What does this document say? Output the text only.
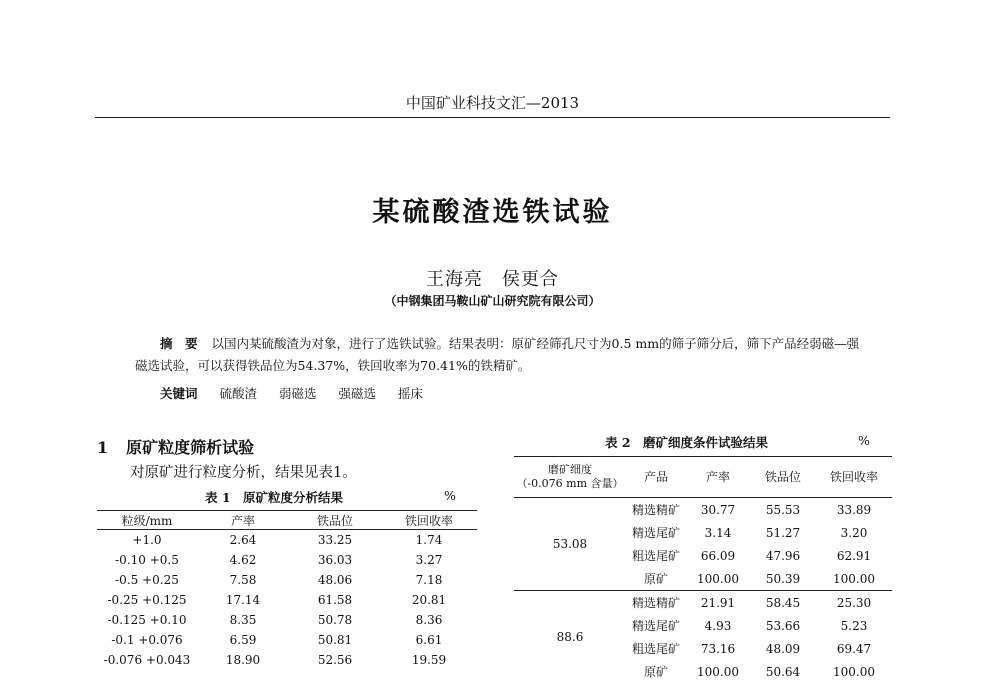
中国矿业科技文汇—2013
某硫酸渣选铁试验
王海亮　侯更合
（中钢集团马鞍山矿山研究院有限公司）
摘　要 以国内某硫酸渣为对象，进行了选铁试验。结果表明：原矿经筛孔尺寸为0.5 mm的筛子筛分后，筛下产品经弱磁—强磁选试验，可以获得铁品位为54.37%，铁回收率为70.41%的铁精矿。
关键词 硫酸渣 弱磁选 强磁选 摇床
1 原矿粒度筛析试验
对原矿进行粒度分析，结果见表1。
表 1　原矿粒度分析结果	%
粒级/mm	产率	铁品位	铁回收率
+1.0	2.64	33.25	1.74
-0.10 +0.5	4.62	36.03	3.27
-0.5 +0.25	7.58	48.06	7.18
-0.25 +0.125	17.14	61.58	20.81
-0.125 +0.10	8.35	50.78	8.36
-0.1 +0.076	6.59	50.81	6.61
-0.076 +0.043	18.90	52.56	19.59
表 2　磨矿细度条件试验结果	%
磨矿细度
（-0.076 mm 含量）	产品	产率	铁品位	铁回收率
53.08	精选精矿	30.77	55.53	33.89
	精选尾矿	3.14	51.27	3.20
	粗选尾矿	66.09	47.96	62.91
	原矿	100.00	50.39	100.00
88.6	精选精矿	21.91	58.45	25.30
	精选尾矿	4.93	53.66	5.23
	粗选尾矿	73.16	48.09	69.47
	原矿	100.00	50.64	100.00
